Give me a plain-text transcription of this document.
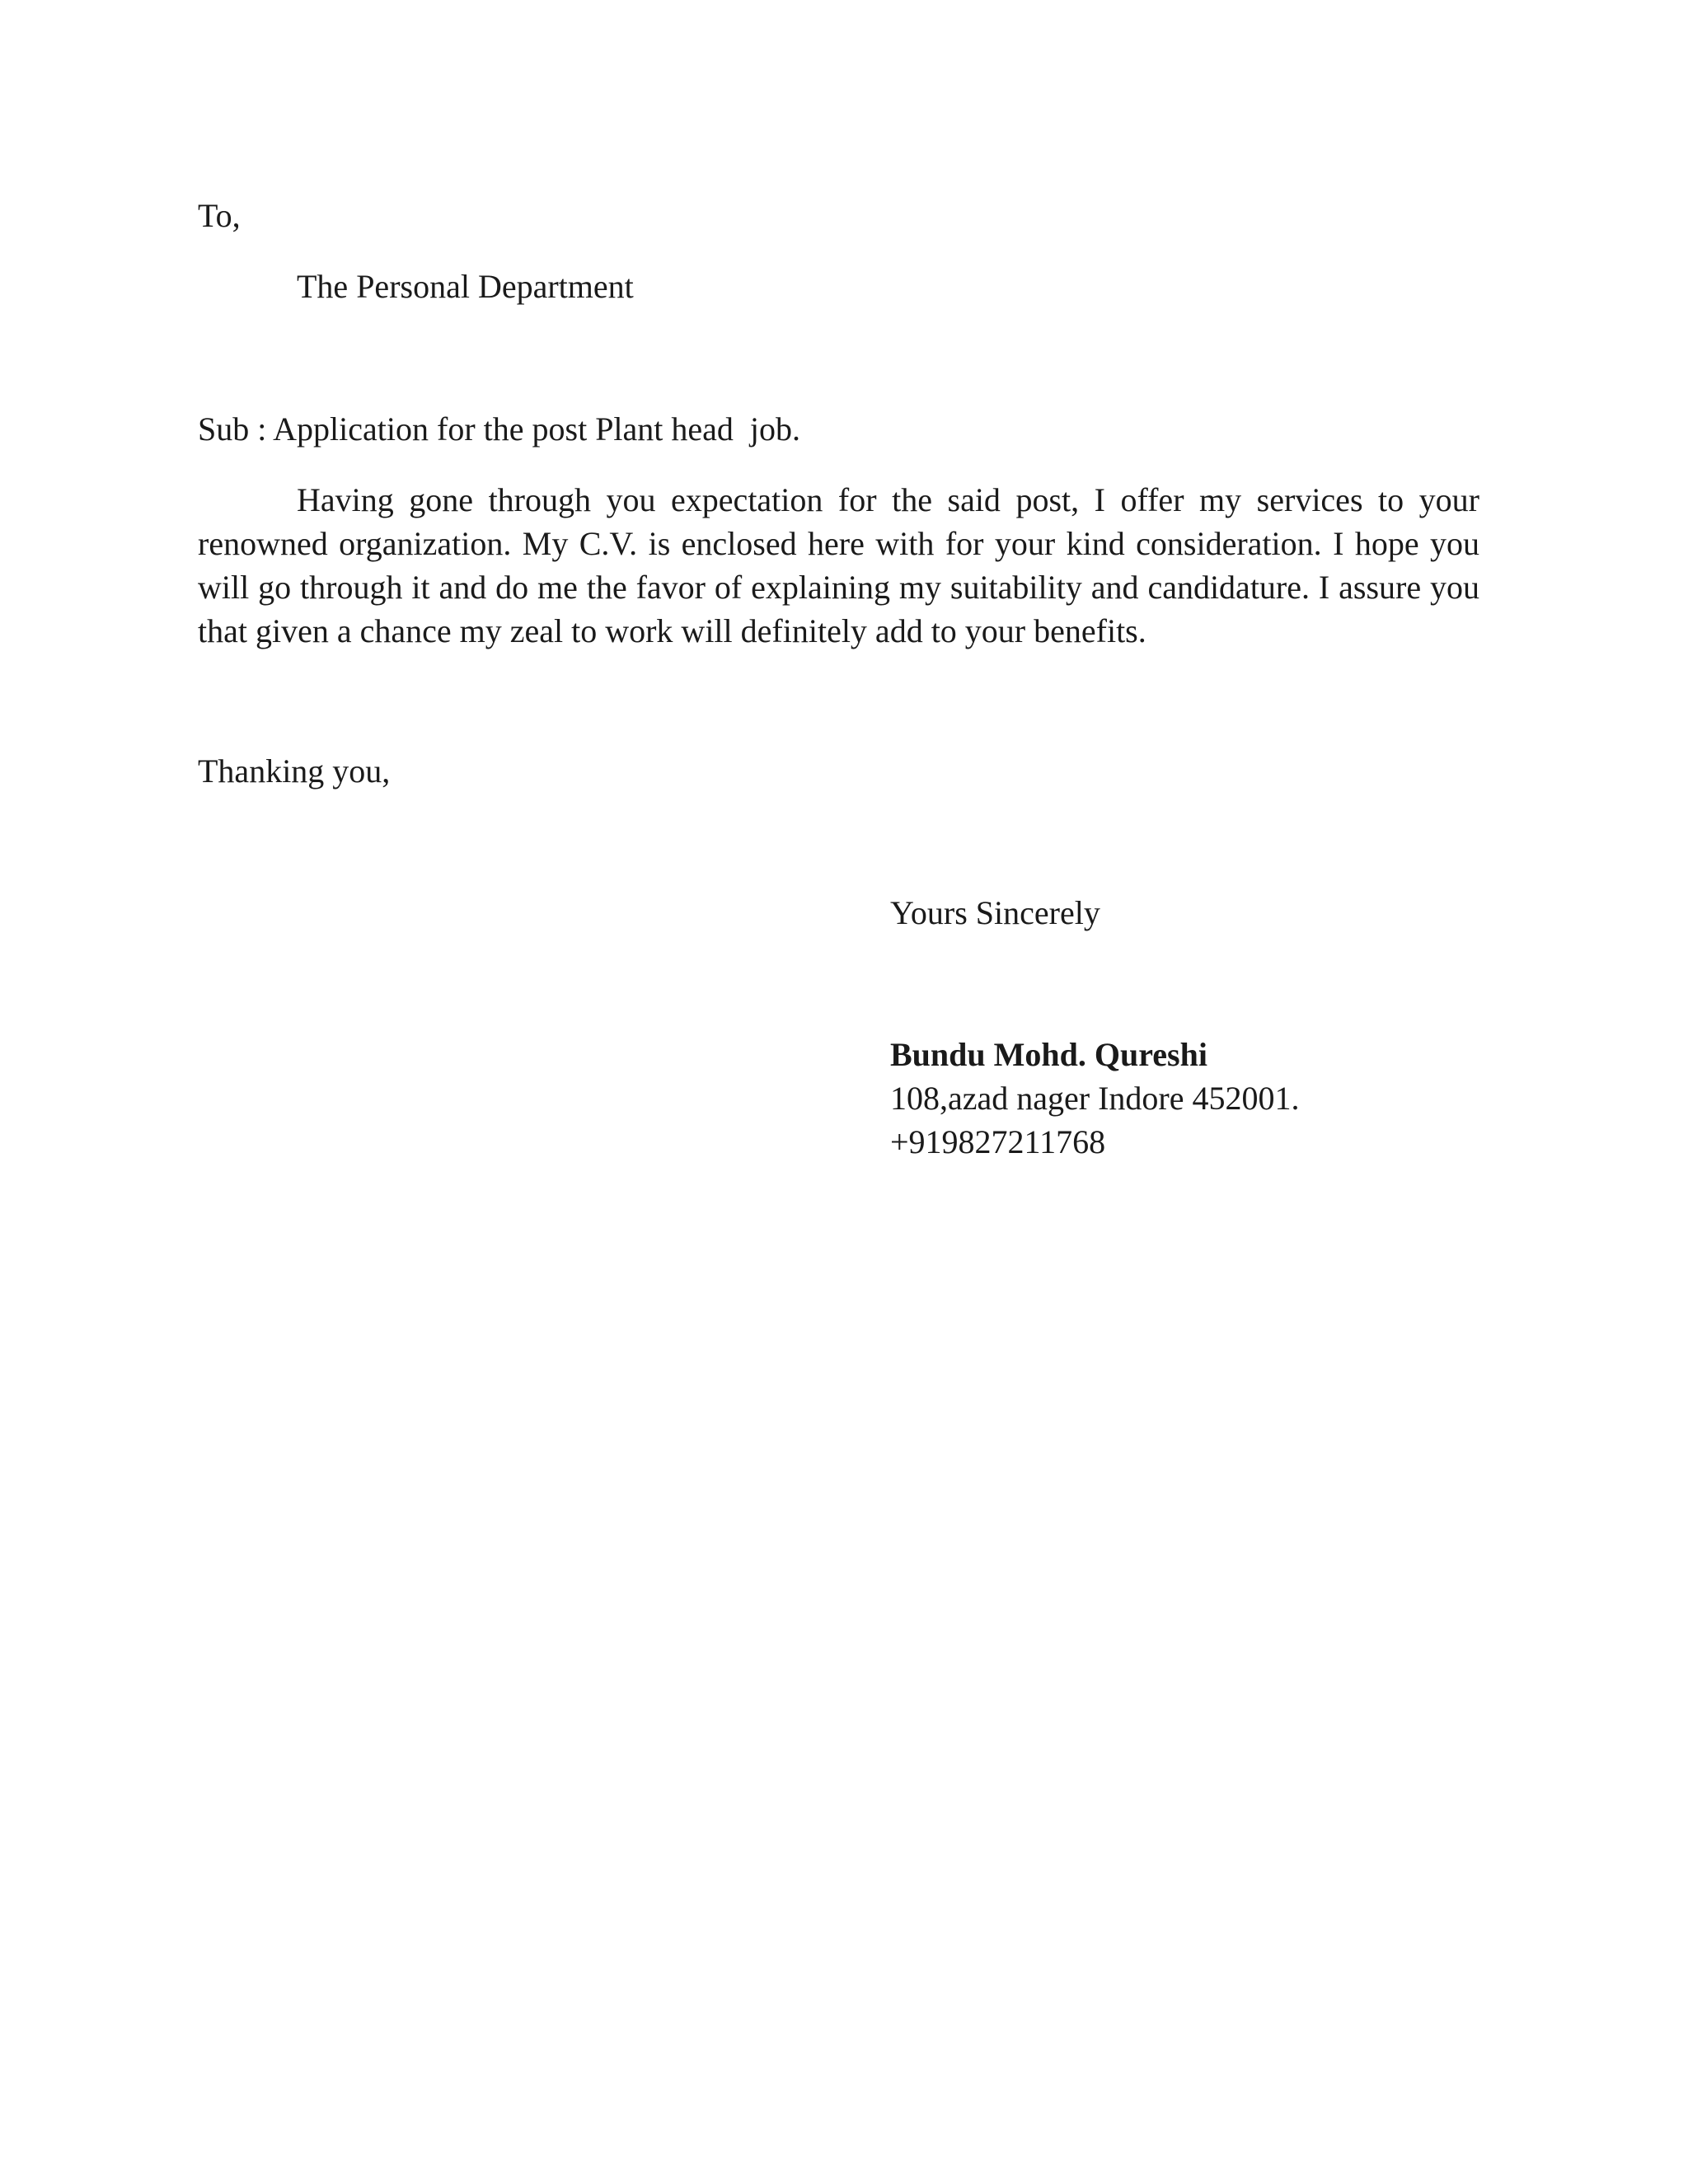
To,

The Personal Department

Sub : Application for the post Plant head  job.

Having gone through you expectation for the said post, I offer my services to your renowned organization. My C.V. is enclosed here with for your kind consideration. I hope you will go through it and do me the favor of explaining my suitability and candidature. I assure you that given a chance my zeal to work will definitely add to your benefits.

Thanking you,

Yours Sincerely

Bundu Mohd. Qureshi
108,azad nager Indore 452001.
+919827211768
